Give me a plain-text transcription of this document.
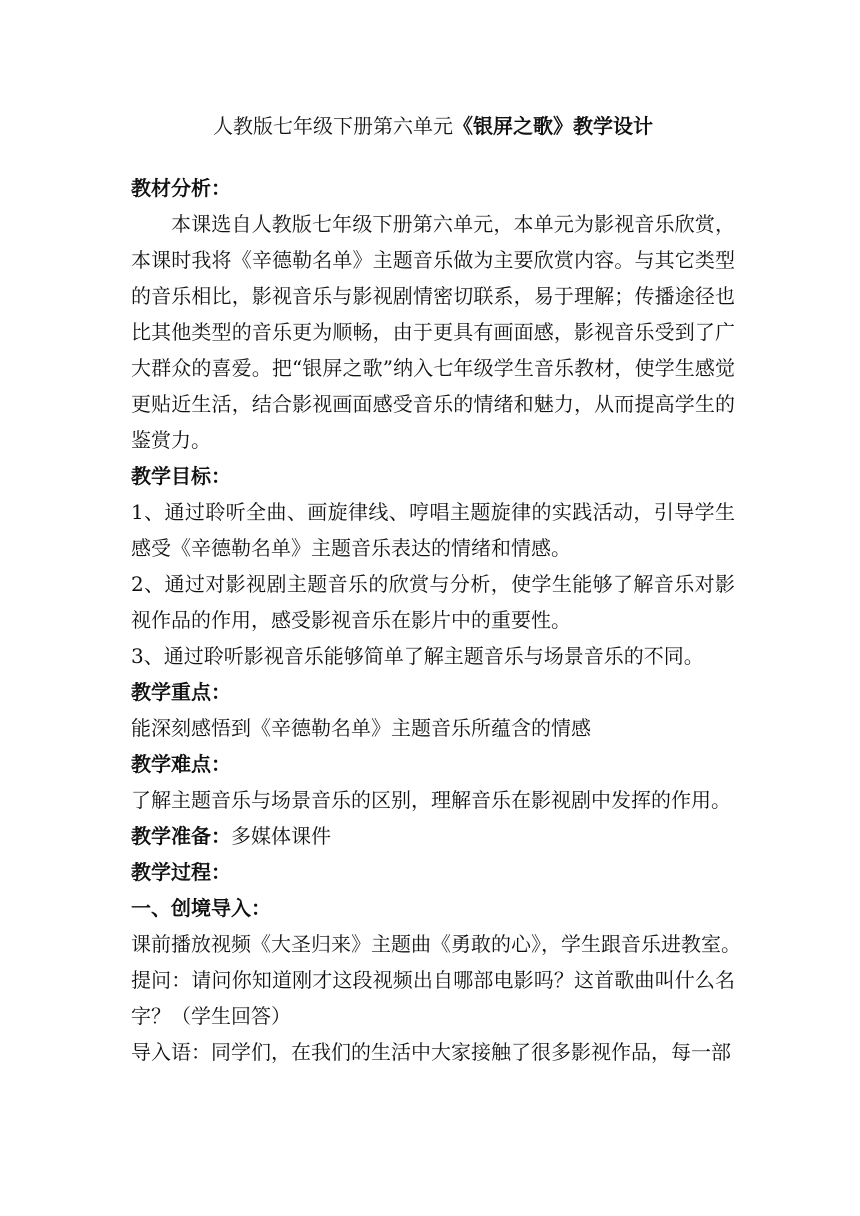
人教版七年级下册第六单元《银屏之歌》教学设计

教材分析：

本课选自人教版七年级下册第六单元，本单元为影视音乐欣赏，本课时我将《辛德勒名单》主题音乐做为主要欣赏内容。与其它类型的音乐相比，影视音乐与影视剧情密切联系，易于理解；传播途径也比其他类型的音乐更为顺畅，由于更具有画面感，影视音乐受到了广大群众的喜爱。把“银屏之歌”纳入七年级学生音乐教材，使学生感觉更贴近生活，结合影视画面感受音乐的情绪和魅力，从而提高学生的鉴赏力。

教学目标：

1、通过聆听全曲、画旋律线、哼唱主题旋律的实践活动，引导学生感受《辛德勒名单》主题音乐表达的情绪和情感。

2、通过对影视剧主题音乐的欣赏与分析，使学生能够了解音乐对影视作品的作用，感受影视音乐在影片中的重要性。

3、通过聆听影视音乐能够简单了解主题音乐与场景音乐的不同。

教学重点：

能深刻感悟到《辛德勒名单》主题音乐所蕴含的情感

教学难点：

了解主题音乐与场景音乐的区别，理解音乐在影视剧中发挥的作用。

教学准备：多媒体课件

教学过程：

一、创境导入：

课前播放视频《大圣归来》主题曲《勇敢的心》，学生跟音乐进教室。

提问：请问你知道刚才这段视频出自哪部电影吗？这首歌曲叫什么名字？（学生回答）

导入语：同学们，在我们的生活中大家接触了很多影视作品，每一部
